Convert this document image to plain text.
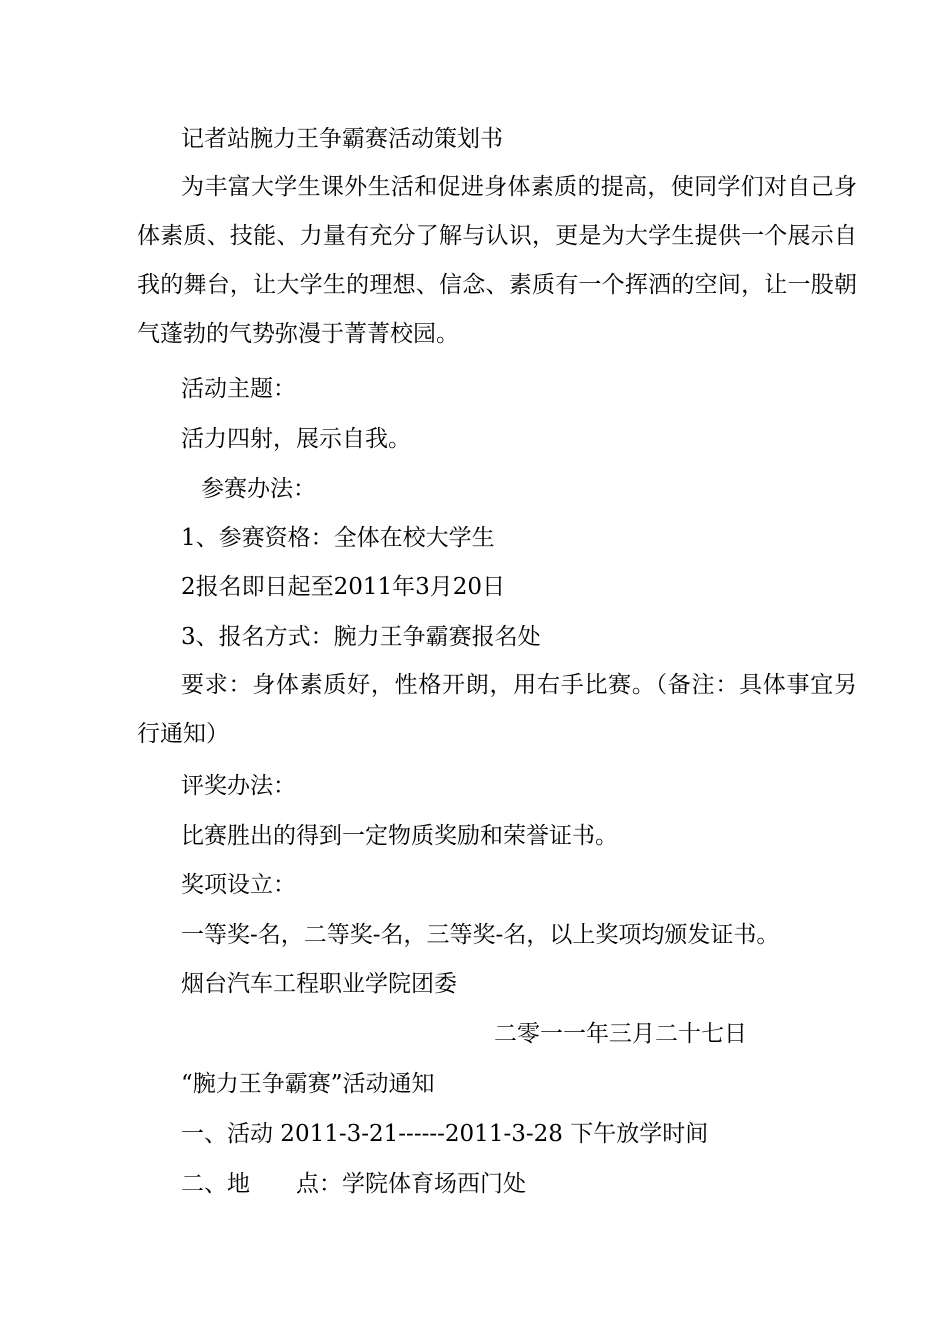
记者站腕力王争霸赛活动策划书
为丰富大学生课外生活和促进身体素质的提高，使同学们对自己身体素质、技能、力量有充分了解与认识，更是为大学生提供一个展示自我的舞台，让大学生的理想、信念、素质有一个挥洒的空间，让一股朝气蓬勃的气势弥漫于菁菁校园。
活动主题：
活力四射，展示自我。
参赛办法：
1、参赛资格：全体在校大学生
2报名即日起至2011年3月20日
3、报名方式：腕力王争霸赛报名处
要求：身体素质好，性格开朗，用右手比赛。（备注：具体事宜另行通知）
评奖办法：
比赛胜出的得到一定物质奖励和荣誉证书。
奖项设立：
一等奖-名，二等奖-名，三等奖-名，以上奖项均颁发证书。
烟台汽车工程职业学院团委
二零一一年三月二十七日
“腕力王争霸赛”活动通知
一、活动 2011-3-21------2011-3-28 下午放学时间
二、地　　点：学院体育场西门处
